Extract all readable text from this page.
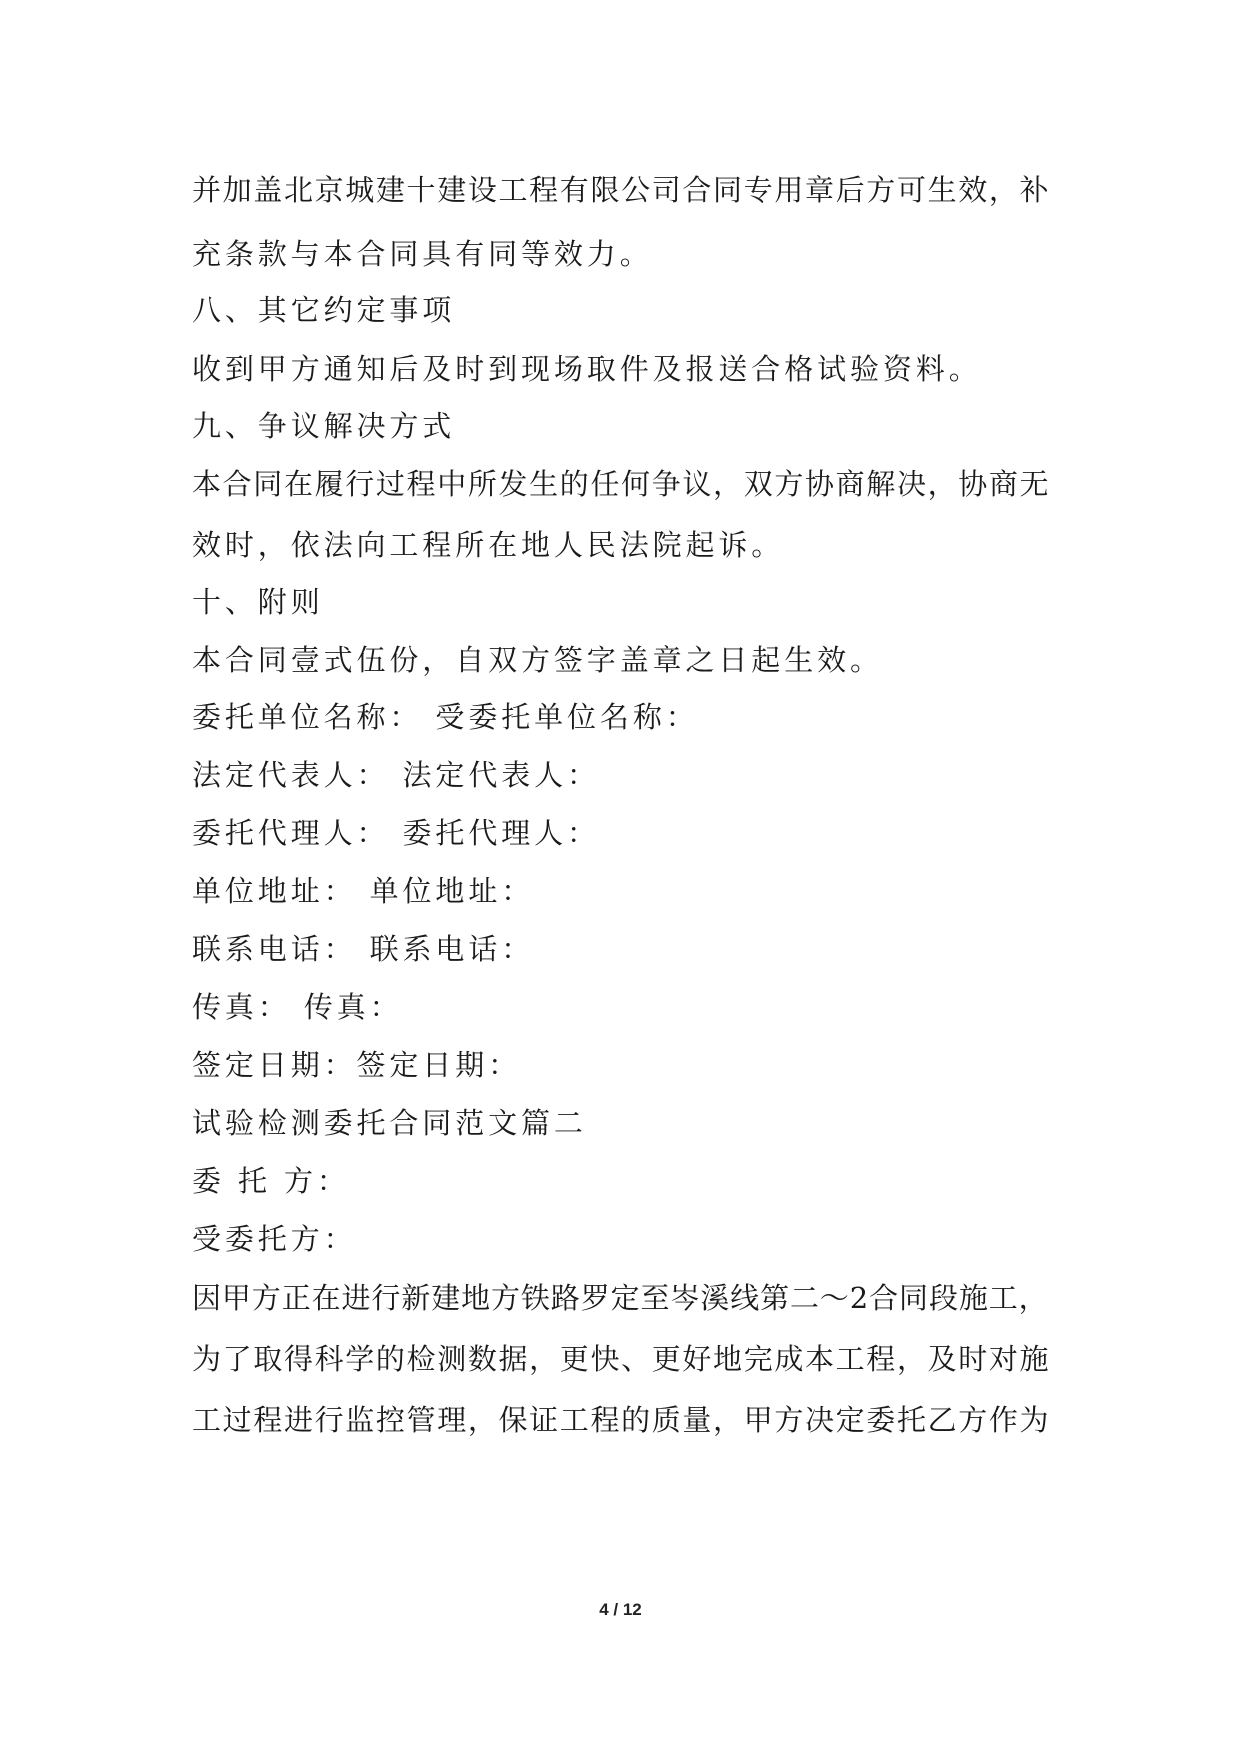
并加盖北京城建十建设工程有限公司合同专用章后方可生效，补
充条款与本合同具有同等效力。
八、其它约定事项
收到甲方通知后及时到现场取件及报送合格试验资料。
九、争议解决方式
本合同在履行过程中所发生的任何争议，双方协商解决，协商无
效时，依法向工程所在地人民法院起诉。
十、附则
本合同壹式伍份，自双方签字盖章之日起生效。
委托单位名称： 受委托单位名称：
法定代表人： 法定代表人：
委托代理人： 委托代理人：
单位地址： 单位地址：
联系电话： 联系电话：
传真： 传真：
签定日期：签定日期：
试验检测委托合同范文篇二
委 托 方：
受委托方：
因甲方正在进行新建地方铁路罗定至岑溪线第二～2合同段施工，
为了取得科学的检测数据，更快、更好地完成本工程，及时对施
工过程进行监控管理，保证工程的质量，甲方决定委托乙方作为
4 / 12
